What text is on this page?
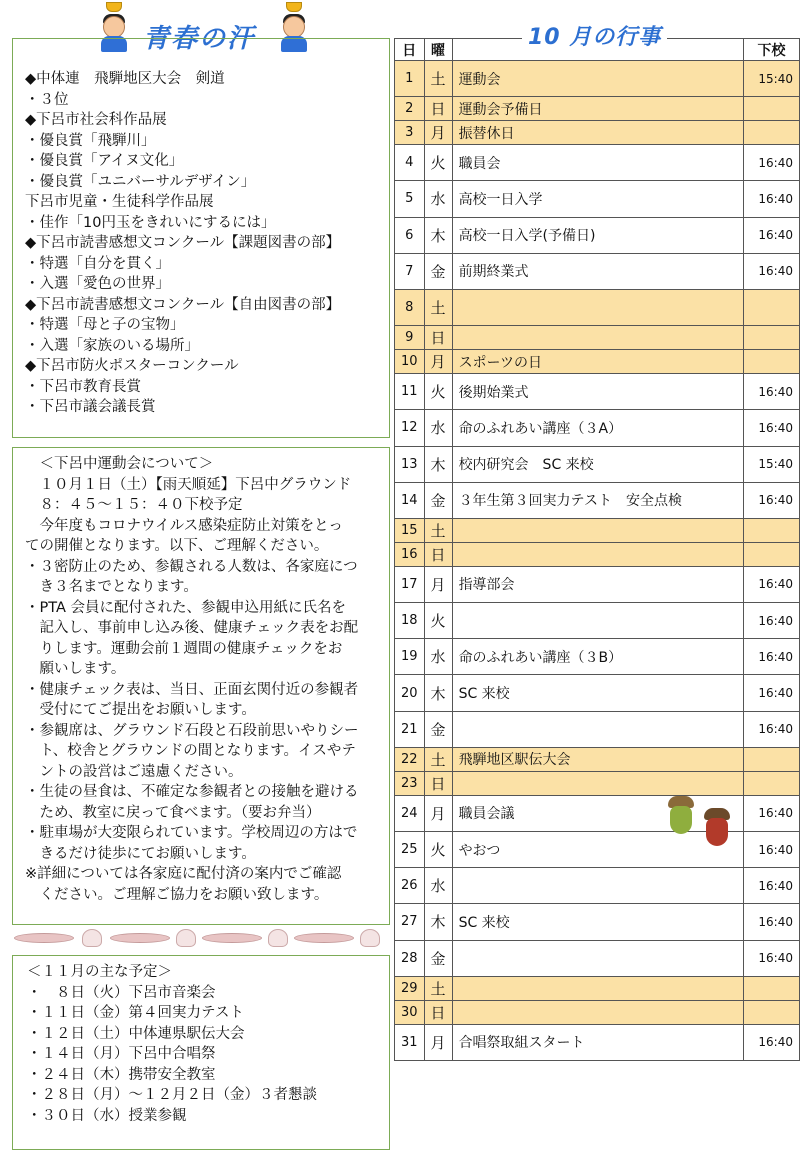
青春の汗
◆中体連　飛騨地区大会　剣道
・３位
◆下呂市社会科作品展
・優良賞「飛騨川」
・優良賞「アイヌ文化」
・優良賞「ユニバーサルデザイン」
下呂市児童・生徒科学作品展
・佳作「10円玉をきれいにするには」
◆下呂市読書感想文コンクール【課題図書の部】
・特選「自分を貫く」
・入選「愛色の世界」
◆下呂市読書感想文コンクール【自由図書の部】
・特選「母と子の宝物」
・入選「家族のいる場所」
◆下呂市防火ポスターコンクール
・下呂市教育長賞
・下呂市議会議長賞
　＜下呂中運動会について＞
　１０月１日（土）【雨天順延】下呂中グラウンド
　８：４５～１５：４０下校予定
　今年度もコロナウイルス感染症防止対策をとっ
ての開催となります。以下、ご理解ください。
・３密防止のため、参観される人数は、各家庭につ
　き３名までとなります。
・PTA 会員に配付された、参観申込用紙に氏名を
　記入し、事前申し込み後、健康チェック表をお配
　りします。運動会前１週間の健康チェックをお
　願いします。
・健康チェック表は、当日、正面玄関付近の参観者
　受付にてご提出をお願いします。
・参観席は、グラウンド石段と石段前思いやりシー
　ト、校舎とグラウンドの間となります。イスやテ
　ントの設営はご遠慮ください。
・生徒の昼食は、不確定な参観者との接触を避ける
　ため、教室に戻って食べます。（要お弁当）
・駐車場が大変限られています。学校周辺の方はで
　きるだけ徒歩にてお願いします。
※詳細については各家庭に配付済の案内でご確認
　ください。ご理解ご協力をお願い致します。
＜１１月の主な予定＞
・　８日（火）下呂市音楽会
・１１日（金）第４回実力テスト
・１２日（土）中体連県駅伝大会
・１４日（月）下呂中合唱祭
・２４日（木）携帯安全教室
・２８日（月）～１２月２日（金）３者懇談
・３０日（水）授業参観
日	曜		下校
1	土	運動会	15:40
2	日	運動会予備日	
3	月	振替休日	
4	火	職員会	16:40
5	水	高校一日入学	16:40
6	木	高校一日入学(予備日)	16:40
7	金	前期終業式	16:40
8	土		
9	日		
10	月	スポーツの日	
11	火	後期始業式	16:40
12	水	命のふれあい講座（３A）	16:40
13	木	校内研究会　SC 来校	15:40
14	金	３年生第３回実力テスト　安全点検	16:40
15	土		
16	日		
17	月	指導部会	16:40
18	火		16:40
19	水	命のふれあい講座（３B）	16:40
20	木	SC 来校	16:40
21	金		16:40
22	土	飛騨地区駅伝大会	
23	日		
24	月	職員会議	16:40
25	火	やおつ	16:40
26	水		16:40
27	木	SC 来校	16:40
28	金		16:40
29	土		
30	日		
31	月	合唱祭取組スタート	16:40
10 月の行事
